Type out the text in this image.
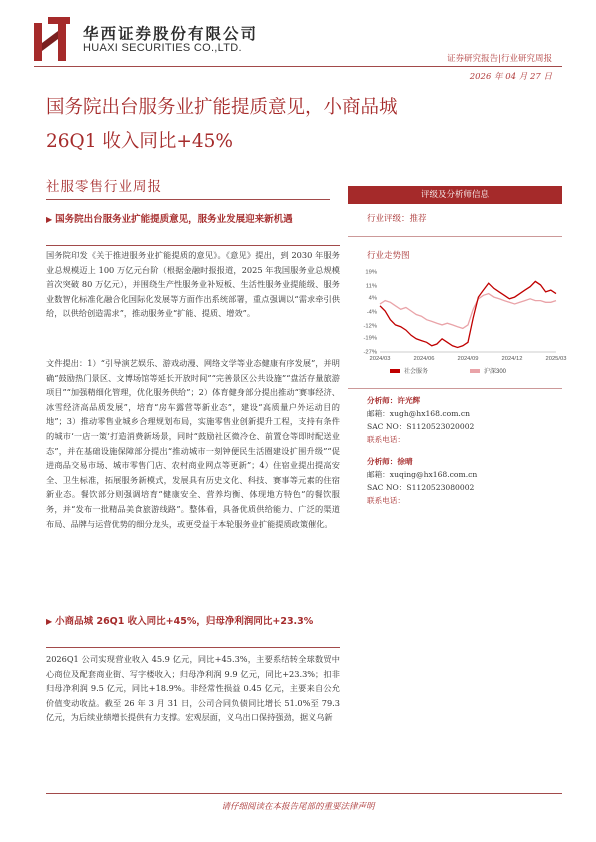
华西证券股份有限公司
HUAXI SECURITIES CO.,LTD.
证券研究报告|行业研究周报
2026 年 04 月 27 日
国务院出台服务业扩能提质意见，小商品城
26Q1 收入同比+45%
社服零售行业周报
▶ 国务院出台服务业扩能提质意见，服务业发展迎来新机遇
国务院印发《关于推进服务业扩能提质的意见》。《意见》提出，到 2030 年服务业总规模迈上 100 万亿元台阶（根据金融时报报道，2025 年我国服务业总规模首次突破 80 万亿元），并围绕生产性服务业补短板、生活性服务业提能级、服务业数智化标准化融合化国际化发展等方面作出系统部署，重点强调以“需求牵引供给，以供给创造需求”，推动服务业“扩能、提质、增效”。
文件提出：1）“引导演艺娱乐、游戏动漫、网络文学等业态健康有序发展”，并明确“鼓励热门景区、文博场馆等延长开放时间”“完善景区公共设施”“盘活存量旅游项目”“加强精细化管理，优化服务供给”；2）体育健身部分提出推动“赛事经济、冰雪经济高品质发展”，培育“房车露营等新业态”，建设“高质量户外运动目的地”；3）推动零售业城乡合理规划布局，实施零售业创新提升工程，支持有条件的城市‘一店一策’打造消费新场景，同时“鼓励社区微冷仓、前置仓等即时配送业态”，并在基础设施保障部分提出“推动城市一刻钟便民生活圈建设扩围升级”“促进商品交易市场、城市零售门店、农村商业网点等更新”；4）住宿业提出提高安全、卫生标准，拓展服务新模式，发展具有历史文化、科技、赛事等元素的住宿新业态。餐饮部分则强调培育“健康安全、营养均衡、体现地方特色”的餐饮服务，并“发布一批精品美食旅游线路”。整体看，具备优质供给能力、广泛的渠道布局、品牌与运营优势的细分龙头，或更受益于本轮服务业扩能提质政策催化。
▶ 小商品城 26Q1 收入同比+45%，归母净利润同比+23.3%
2026Q1 公司实现营业收入 45.9 亿元，同比+45.3%，主要系结转全球数贸中心商位及配套商业街、写字楼收入；归母净利润 9.9 亿元，同比+23.3%；扣非归母净利润 9.5 亿元，同比+18.9%。非经常性损益 0.45 亿元，主要来自公允价值变动收益。截至 26 年 3 月 31 日，公司合同负债同比增长 51.0%至 79.3 亿元，为后续业绩增长提供有力支撑。宏观层面，义乌出口保持强劲，据义乌新
评级及分析师信息
行业评级：推荐
行业走势图
19%
11%
4%
-4%
-12%
-19%
-27%
2024/03	2024/06	2024/09	2024/12	2025/03
社会服务	沪深300
分析师：许光辉
邮箱：xugh@hx168.com.cn
SAC NO：S1120523020002
联系电话：
分析师：徐晴
邮箱：xuqing@hx168.com.cn
SAC NO：S1120523080002
联系电话：
请仔细阅读在本报告尾部的重要法律声明
